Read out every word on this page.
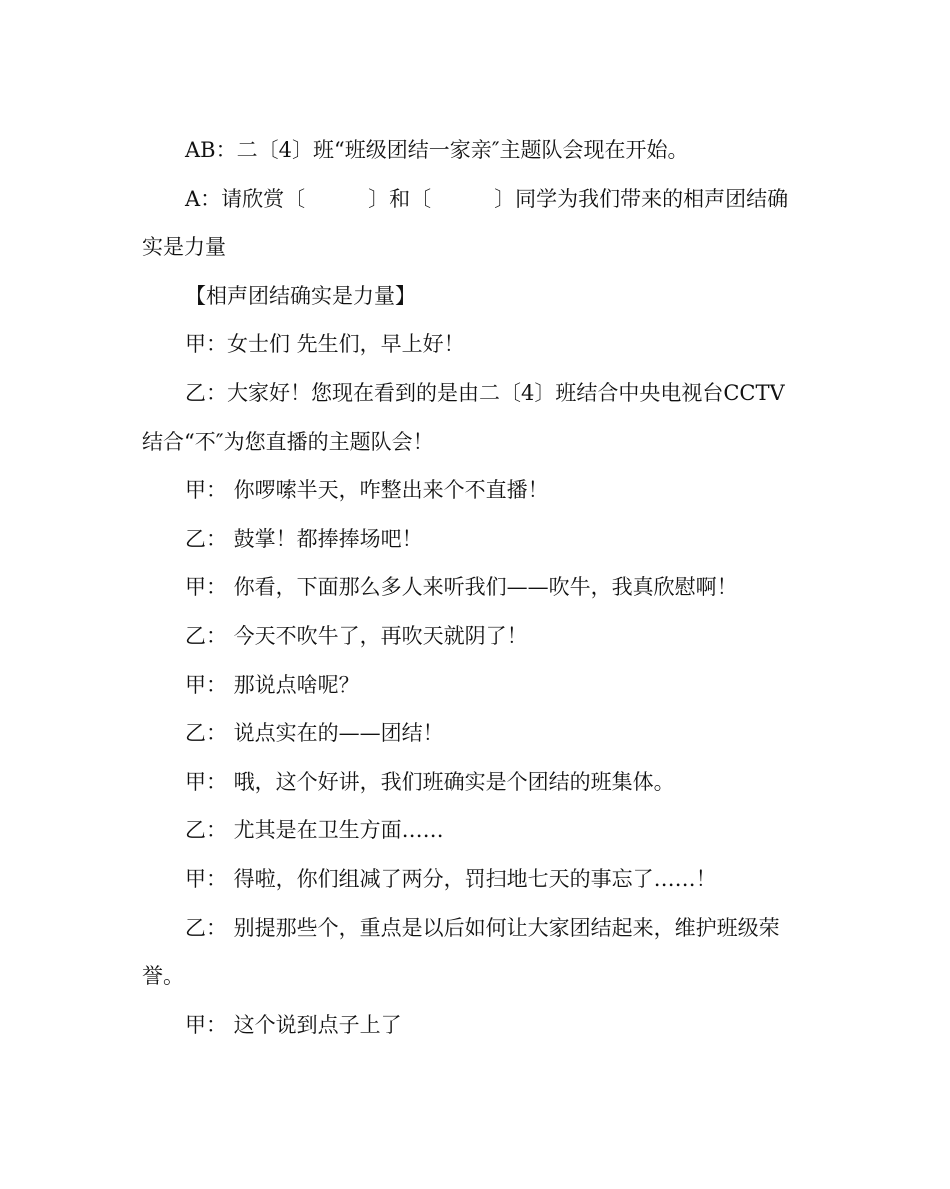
AB：二〔4〕班“班级团结一家亲″主题队会现在开始。

A：请欣赏〔　　　〕和〔　　　〕同学为我们带来的相声团结确实是力量

【相声团结确实是力量】

甲：女士们 先生们，早上好！

乙：大家好！您现在看到的是由二〔4〕班结合中央电视台CCTV结合“不″为您直播的主题队会！

甲： 你啰嗦半天，咋整出来个不直播！

乙： 鼓掌！都捧捧场吧！

甲： 你看，下面那么多人来听我们——吹牛，我真欣慰啊！

乙： 今天不吹牛了，再吹天就阴了！

甲： 那说点啥呢？

乙： 说点实在的——团结！

甲： 哦，这个好讲，我们班确实是个团结的班集体。

乙： 尤其是在卫生方面……

甲： 得啦，你们组减了两分，罚扫地七天的事忘了……！

乙： 别提那些个，重点是以后如何让大家团结起来，维护班级荣誉。

甲： 这个说到点子上了
